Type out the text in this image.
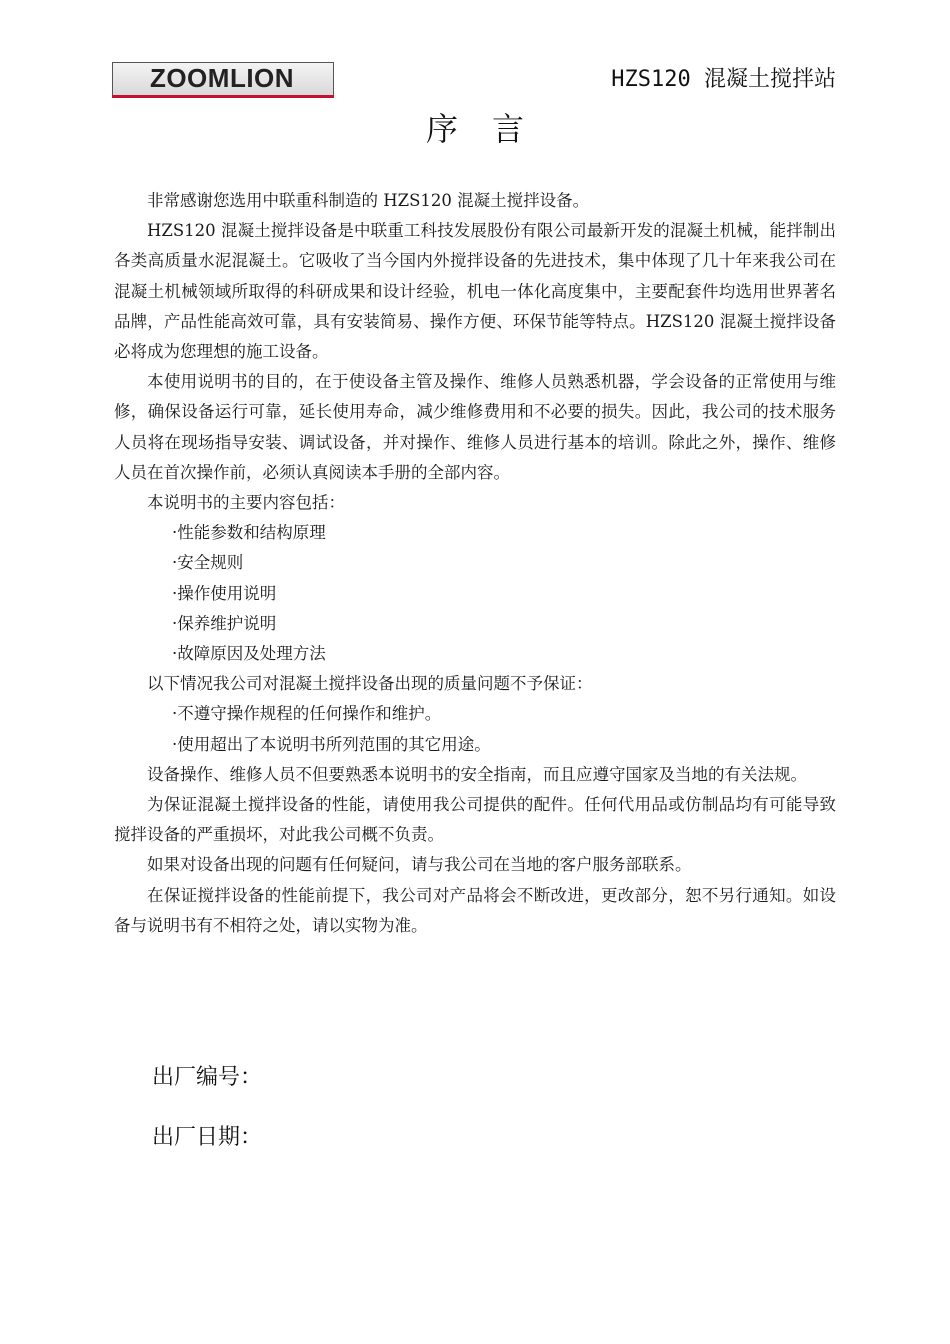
ZOOMLION	HZS120 混凝土搅拌站
序言

非常感谢您选用中联重科制造的 HZS120 混凝土搅拌设备。

HZS120 混凝土搅拌设备是中联重工科技发展股份有限公司最新开发的混凝土机械，能拌制出各类高质量水泥混凝土。它吸收了当今国内外搅拌设备的先进技术，集中体现了几十年来我公司在混凝土机械领域所取得的科研成果和设计经验，机电一体化高度集中，主要配套件均选用世界著名品牌，产品性能高效可靠，具有安装简易、操作方便、环保节能等特点。HZS120 混凝土搅拌设备必将成为您理想的施工设备。

本使用说明书的目的，在于使设备主管及操作、维修人员熟悉机器，学会设备的正常使用与维修，确保设备运行可靠，延长使用寿命，减少维修费用和不必要的损失。因此，我公司的技术服务人员将在现场指导安装、调试设备，并对操作、维修人员进行基本的培训。除此之外，操作、维修人员在首次操作前，必须认真阅读本手册的全部内容。

本说明书的主要内容包括：

·性能参数和结构原理

·安全规则

·操作使用说明

·保养维护说明

·故障原因及处理方法

以下情况我公司对混凝土搅拌设备出现的质量问题不予保证：

·不遵守操作规程的任何操作和维护。

·使用超出了本说明书所列范围的其它用途。

设备操作、维修人员不但要熟悉本说明书的安全指南，而且应遵守国家及当地的有关法规。

为保证混凝土搅拌设备的性能，请使用我公司提供的配件。任何代用品或仿制品均有可能导致搅拌设备的严重损坏，对此我公司概不负责。

如果对设备出现的问题有任何疑问，请与我公司在当地的客户服务部联系。

在保证搅拌设备的性能前提下，我公司对产品将会不断改进，更改部分，恕不另行通知。如设备与说明书有不相符之处，请以实物为准。

出厂编号：
出厂日期：
